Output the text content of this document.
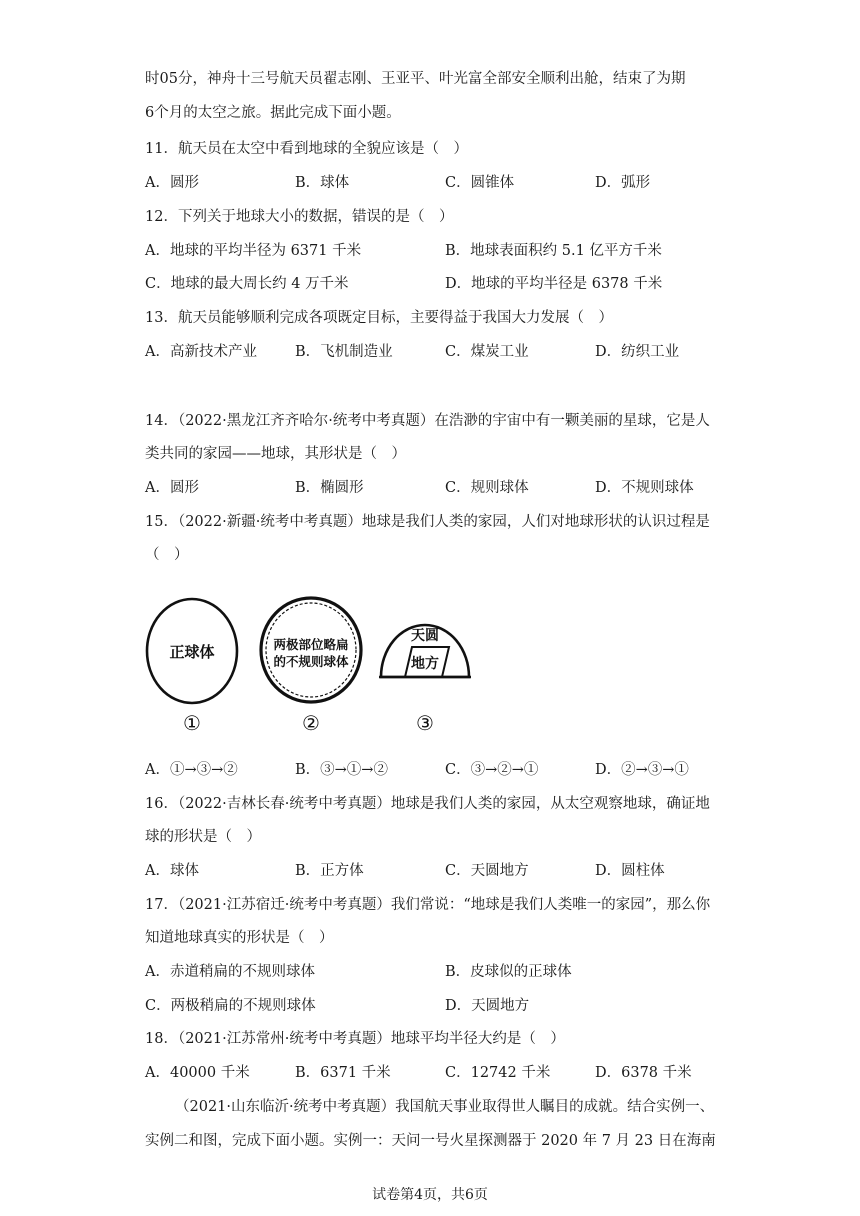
时05分，神舟十三号航天员翟志刚、王亚平、叶光富全部安全顺利出舱，结束了为期
6个月的太空之旅。据此完成下面小题。
11．航天员在太空中看到地球的全貌应该是（　）
A．圆形	B．球体	C．圆锥体	D．弧形
12．下列关于地球大小的数据，错误的是（　）
A．地球的平均半径为 6371 千米	B．地球表面积约 5.1 亿平方千米
C．地球的最大周长约 4 万千米	D．地球的平均半径是 6378 千米
13．航天员能够顺利完成各项既定目标，主要得益于我国大力发展（　）
A．高新技术产业	B．飞机制造业	C．煤炭工业	D．纺织工业
14．（2022·黑龙江齐齐哈尔·统考中考真题）在浩渺的宇宙中有一颗美丽的星球，它是人
类共同的家园——地球，其形状是（　）
A．圆形	B．椭圆形	C．规则球体	D．不规则球体
15．（2022·新疆·统考中考真题）地球是我们人类的家园，人们对地球形状的认识过程是
（　）
正球体
①
两极部位略扁
的不规则球体
②
天圆
地方
③
A．①→③→②	B．③→①→②	C．③→②→①	D．②→③→①
16．（2022·吉林长春·统考中考真题）地球是我们人类的家园，从太空观察地球，确证地
球的形状是（　）
A．球体	B．正方体	C．天圆地方	D．圆柱体
17．（2021·江苏宿迁·统考中考真题）我们常说：“地球是我们人类唯一的家园”，那么你
知道地球真实的形状是（　）
A．赤道稍扁的不规则球体	B．皮球似的正球体
C．两极稍扁的不规则球体	D．天圆地方
18．（2021·江苏常州·统考中考真题）地球平均半径大约是（　）
A．40000 千米	B．6371 千米	C．12742 千米	D．6378 千米
（2021·山东临沂·统考中考真题）我国航天事业取得世人瞩目的成就。结合实例一、
实例二和图，完成下面小题。实例一：天问一号火星探测器于 2020 年 7 月 23 日在海南
试卷第4页，共6页
